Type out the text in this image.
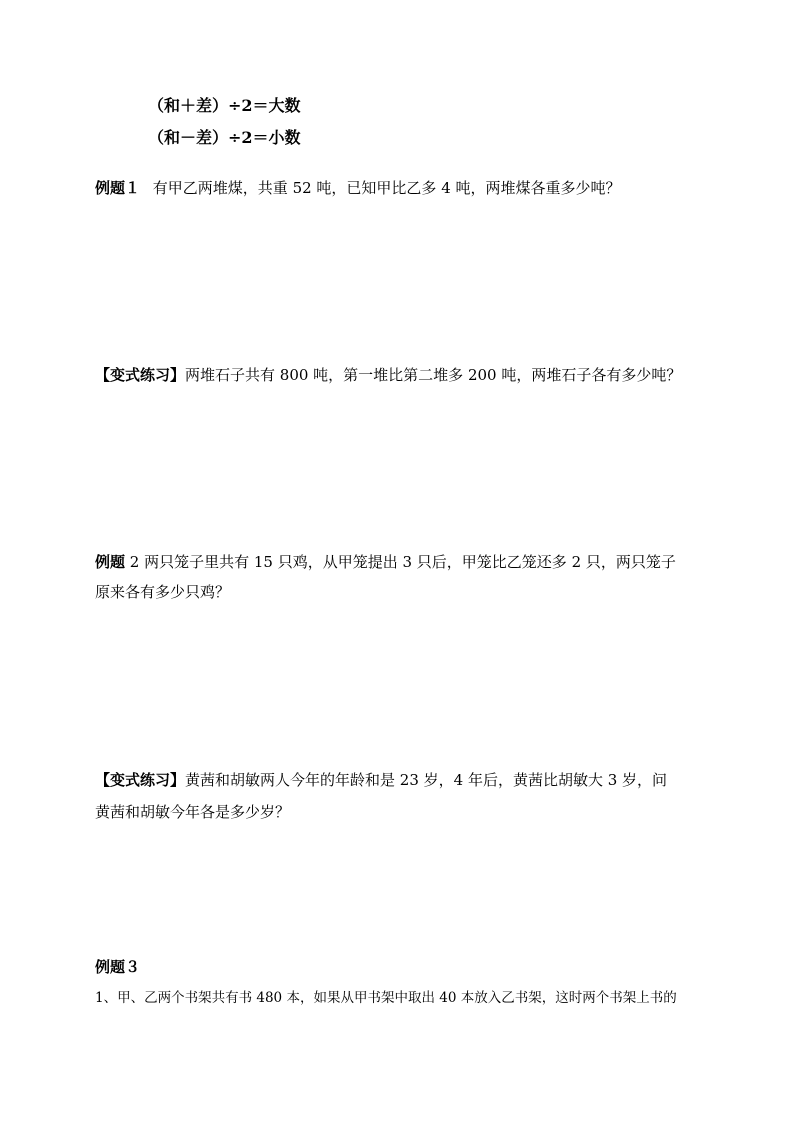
（和＋差）÷2＝大数
（和－差）÷2＝小数
例题１ 有甲乙两堆煤，共重 52 吨，已知甲比乙多 4 吨，两堆煤各重多少吨？
【变式练习】两堆石子共有 800 吨，第一堆比第二堆多 200 吨，两堆石子各有多少吨？
例题 2 两只笼子里共有 15 只鸡，从甲笼提出 3 只后，甲笼比乙笼还多 2 只，两只笼子
原来各有多少只鸡？
【变式练习】黄茜和胡敏两人今年的年龄和是 23 岁，4 年后，黄茜比胡敏大 3 岁，问
黄茜和胡敏今年各是多少岁？
例题３
1、甲、乙两个书架共有书 480 本，如果从甲书架中取出 40 本放入乙书架，这时两个书架上书的
